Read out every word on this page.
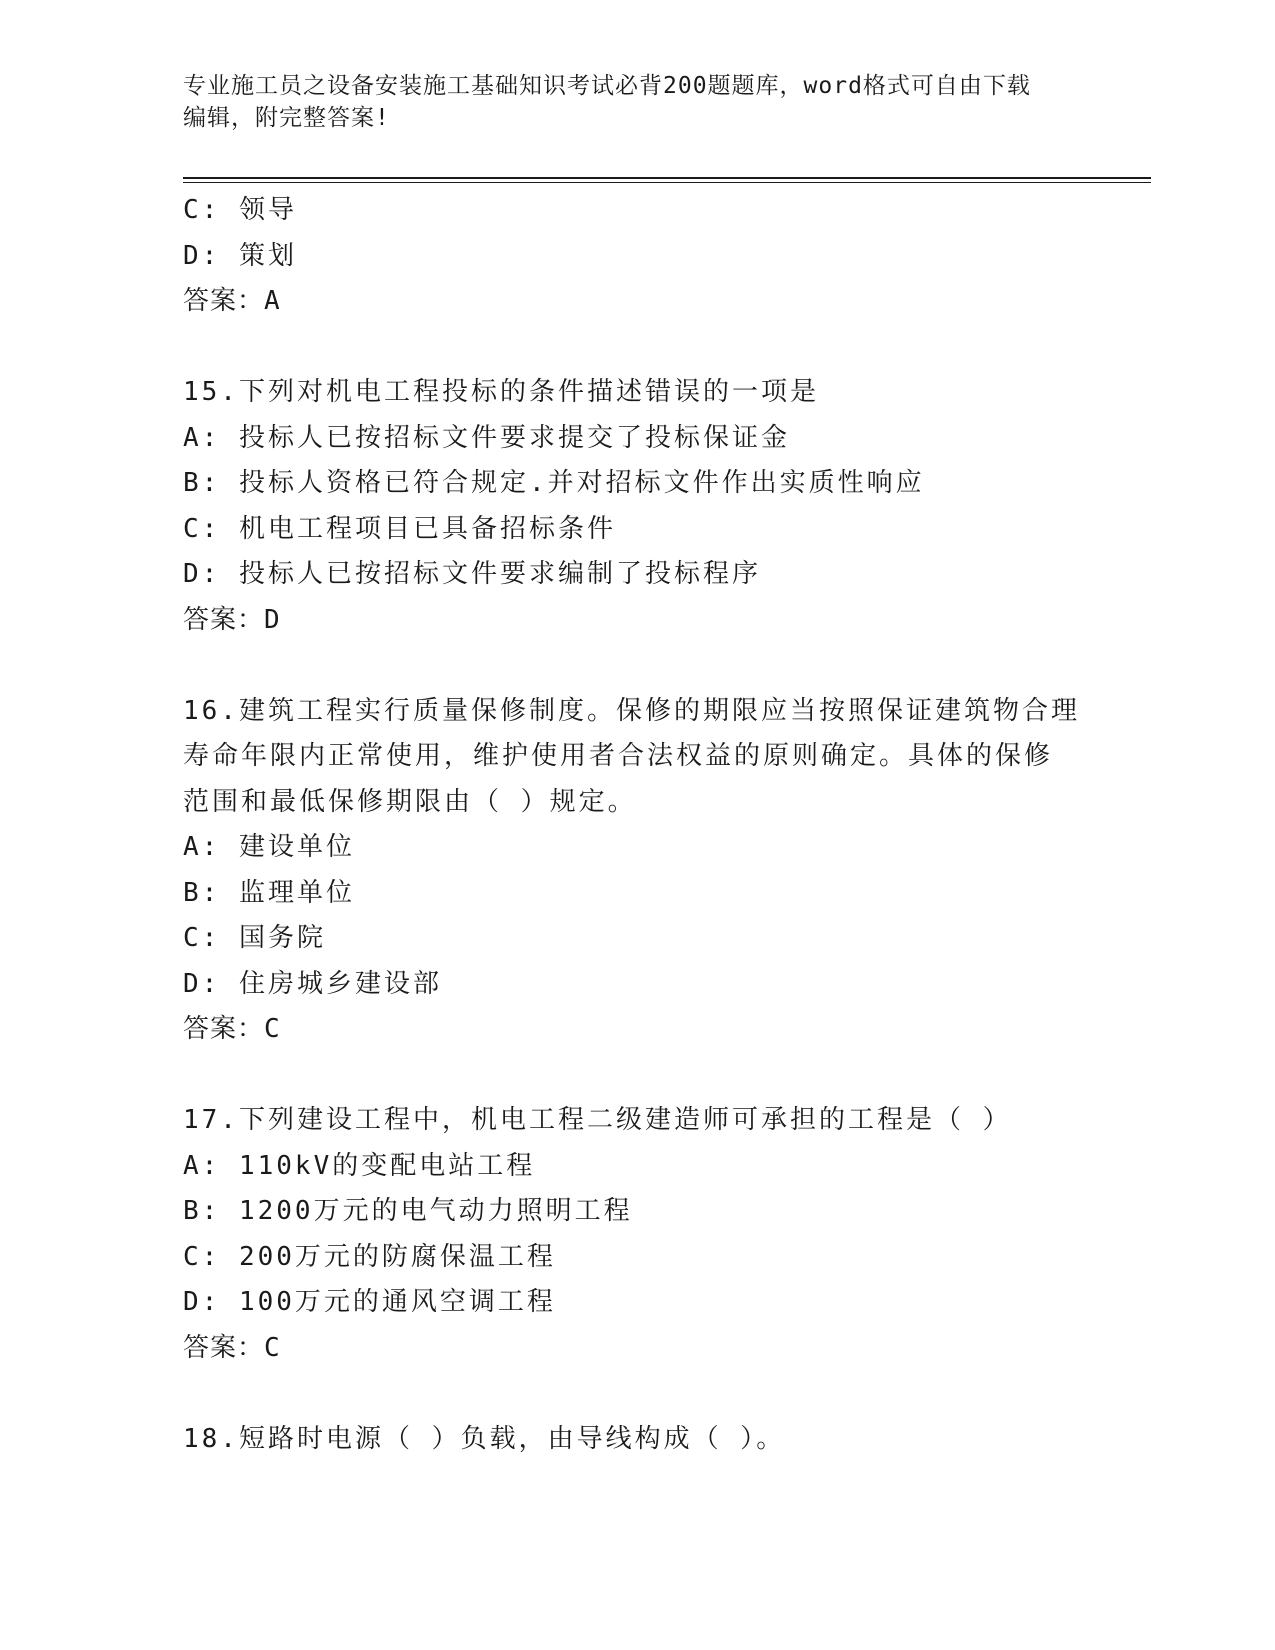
专业施工员之设备安装施工基础知识考试必背200题题库，word格式可自由下载
编辑，附完整答案!
C: 领导
D: 策划
答案：A
15.下列对机电工程投标的条件描述错误的一项是
A: 投标人已按招标文件要求提交了投标保证金
B: 投标人资格已符合规定.并对招标文件作出实质性响应
C: 机电工程项目已具备招标条件
D: 投标人已按招标文件要求编制了投标程序
答案：D
16.建筑工程实行质量保修制度。保修的期限应当按照保证建筑物合理
寿命年限内正常使用，维护使用者合法权益的原则确定。具体的保修
范围和最低保修期限由（ ）规定。
A: 建设单位
B: 监理单位
C: 国务院
D: 住房城乡建设部
答案：C
17.下列建设工程中，机电工程二级建造师可承担的工程是（ ）
A: 110kV的变配电站工程
B: 1200万元的电气动力照明工程
C: 200万元的防腐保温工程
D: 100万元的通风空调工程
答案：C
18.短路时电源（ ）负载，由导线构成（ ）。
